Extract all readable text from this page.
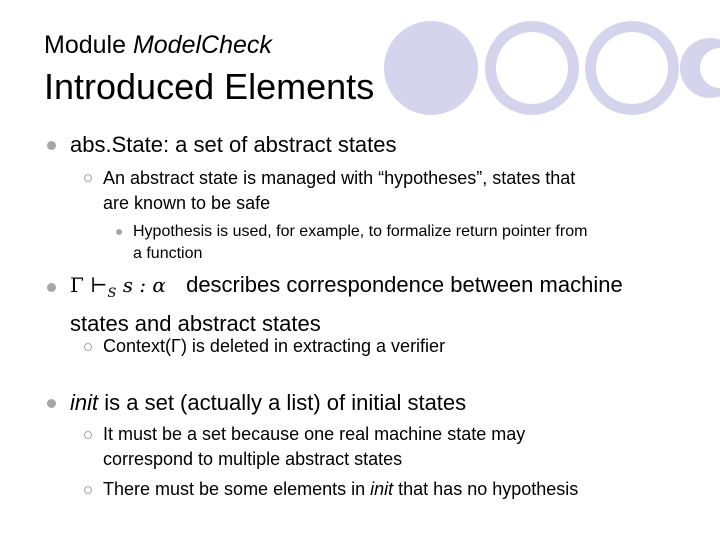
Module ModelCheck
Introduced Elements
abs.State: a set of abstract states
An abstract state is managed with “hypotheses”, states that
are known to be safe
Hypothesis is used, for example, to formalize return pointer from
a function
Γ $⊢_S$ s : α describes correspondence between machine
states and abstract states
Context(Γ) is deleted in extracting a verifier
init is a set (actually a list) of initial states
It must be a set because one real machine state may
correspond to multiple abstract states
There must be some elements in init that has no hypothesis
